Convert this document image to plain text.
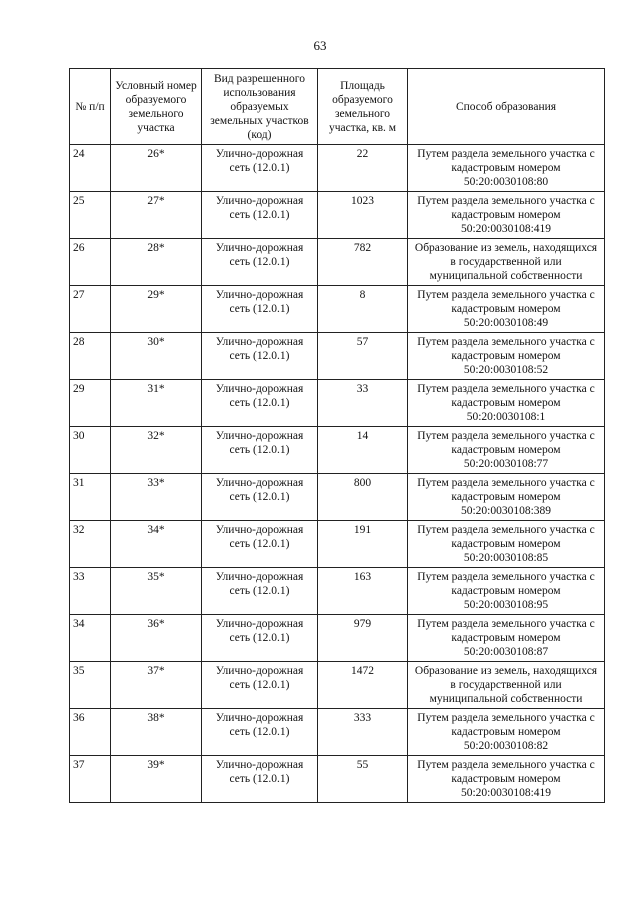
63
№ п/п	Условный номер образуемого земельного участка	Вид разрешенного использования образуемых земельных участков (код)	Площадь образуемого земельного участка, кв. м	Способ образования
24	26*	Улично-дорожная сеть (12.0.1)	22	Путем раздела земельного участка с кадастровым номером 50:20:0030108:80
25	27*	Улично-дорожная сеть (12.0.1)	1023	Путем раздела земельного участка с кадастровым номером 50:20:0030108:419
26	28*	Улично-дорожная сеть (12.0.1)	782	Образование из земель, находящихся в государственной или муниципальной собственности
27	29*	Улично-дорожная сеть (12.0.1)	8	Путем раздела земельного участка с кадастровым номером 50:20:0030108:49
28	30*	Улично-дорожная сеть (12.0.1)	57	Путем раздела земельного участка с кадастровым номером 50:20:0030108:52
29	31*	Улично-дорожная сеть (12.0.1)	33	Путем раздела земельного участка с кадастровым номером 50:20:0030108:1
30	32*	Улично-дорожная сеть (12.0.1)	14	Путем раздела земельного участка с кадастровым номером 50:20:0030108:77
31	33*	Улично-дорожная сеть (12.0.1)	800	Путем раздела земельного участка с кадастровым номером 50:20:0030108:389
32	34*	Улично-дорожная сеть (12.0.1)	191	Путем раздела земельного участка с кадастровым номером 50:20:0030108:85
33	35*	Улично-дорожная сеть (12.0.1)	163	Путем раздела земельного участка с кадастровым номером 50:20:0030108:95
34	36*	Улично-дорожная сеть (12.0.1)	979	Путем раздела земельного участка с кадастровым номером 50:20:0030108:87
35	37*	Улично-дорожная сеть (12.0.1)	1472	Образование из земель, находящихся в государственной или муниципальной собственности
36	38*	Улично-дорожная сеть (12.0.1)	333	Путем раздела земельного участка с кадастровым номером 50:20:0030108:82
37	39*	Улично-дорожная сеть (12.0.1)	55	Путем раздела земельного участка с кадастровым номером 50:20:0030108:419
